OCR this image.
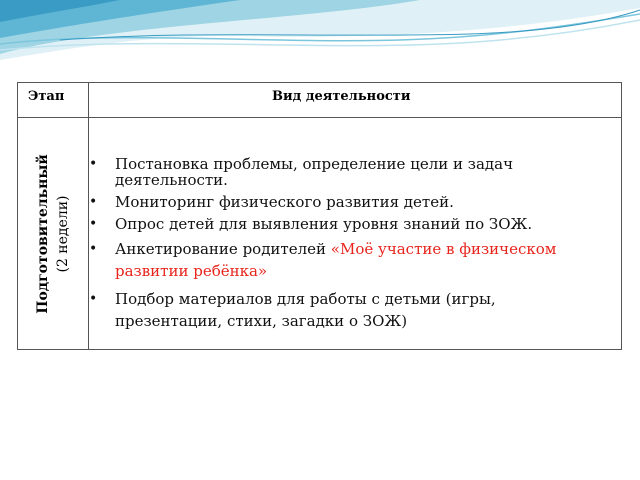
Этап	Вид деятельности
Подготовительный (2 недели)
• Постановка проблемы, определение цели и задач деятельности.
• Мониторинг физического развития детей.
• Опрос детей для выявления уровня знаний по ЗОЖ.
• Анкетирование родителей «Моё участие в физическом развитии ребёнка»
• Подбор материалов для работы с детьми (игры, презентации, стихи, загадки о ЗОЖ)
